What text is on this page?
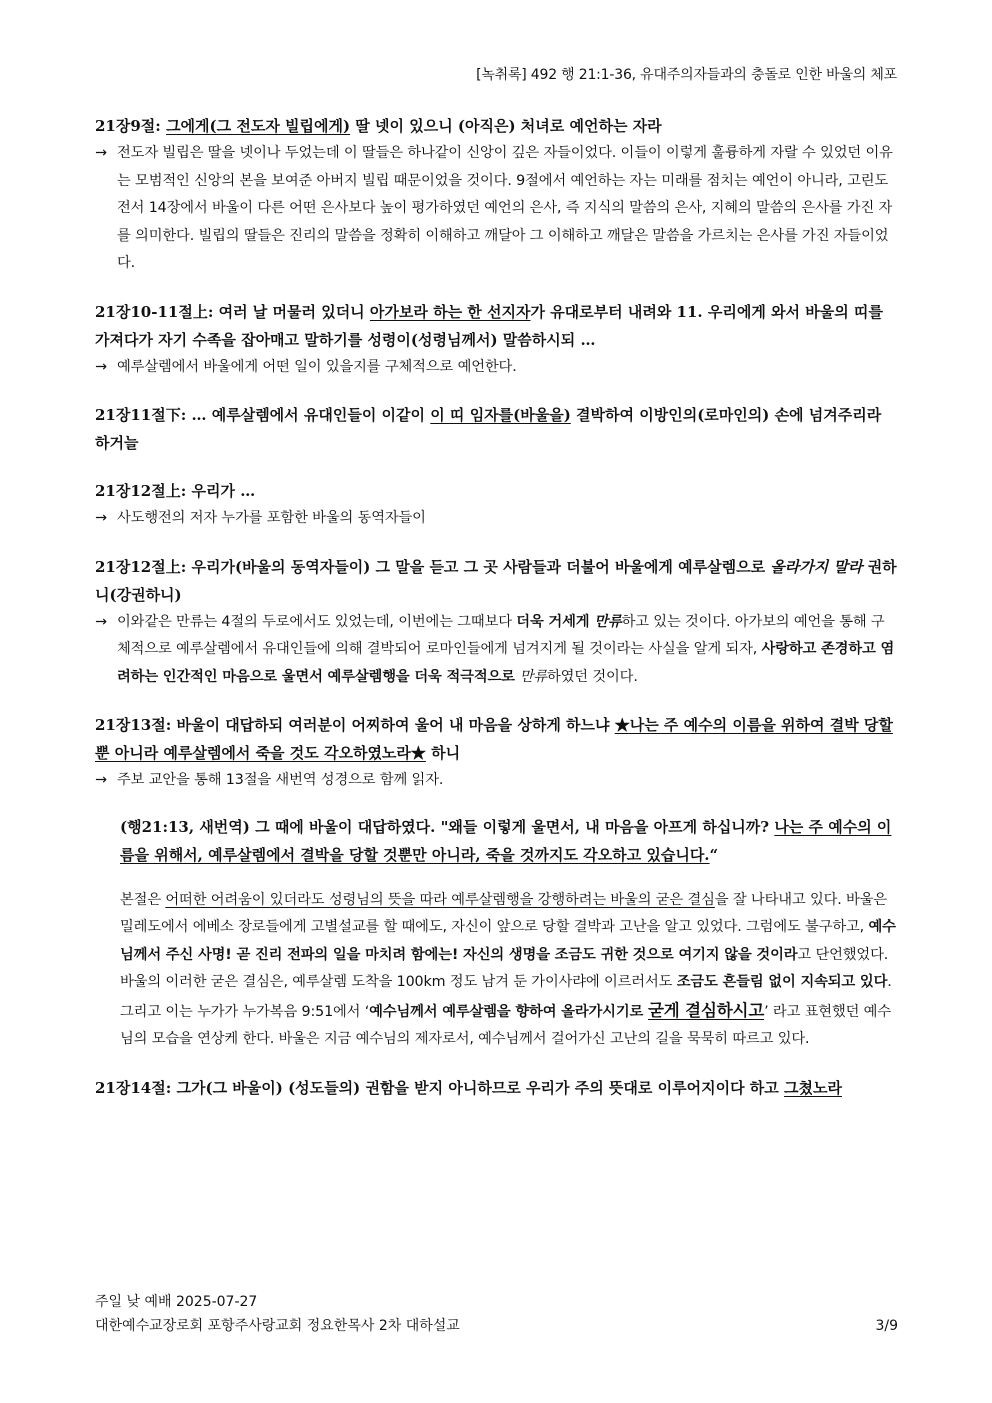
[녹취록] 492 행 21:1-36, 유대주의자들과의 충돌로 인한 바울의 체포
21장9절: 그에게(그 전도자 빌립에게) 딸 넷이 있으니 (아직은) 처녀로 예언하는 자라
→ 전도자 빌립은 딸을 넷이나 두었는데 이 딸들은 하나같이 신앙이 깊은 자들이었다. 이들이 이렇게 훌륭하게 자랄 수 있었던 이유는 모범적인 신앙의 본을 보여준 아버지 빌립 때문이었을 것이다. 9절에서 예언하는 자는 미래를 점치는 예언이 아니라, 고린도전서 14장에서 바울이 다른 어떤 은사보다 높이 평가하였던 예언의 은사, 즉 지식의 말씀의 은사, 지혜의 말씀의 은사를 가진 자를 의미한다. 빌립의 딸들은 진리의 말씀을 정확히 이해하고 깨달아 그 이해하고 깨달은 말씀을 가르치는 은사를 가진 자들이었다.
21장10-11절上: 여러 날 머물러 있더니 아가보라 하는 한 선지자가 유대로부터 내려와 11. 우리에게 와서 바울의 띠를 가져다가 자기 수족을 잡아매고 말하기를 성령이(성령님께서) 말씀하시되 …
→ 예루살렘에서 바울에게 어떤 일이 있을지를 구체적으로 예언한다.
21장11절下: … 예루살렘에서 유대인들이 이같이 이 띠 임자를(바울을) 결박하여 이방인의(로마인의) 손에 넘겨주리라 하거늘
21장12절上: 우리가 …
→ 사도행전의 저자 누가를 포함한 바울의 동역자들이
21장12절上: 우리가(바울의 동역자들이) 그 말을 듣고 그 곳 사람들과 더불어 바울에게 예루살렘으로 올라가지 말라 권하니(강권하니)
→ 이와같은 만류는 4절의 두로에서도 있었는데, 이번에는 그때보다 더욱 거세게 만류하고 있는 것이다. 아가보의 예언을 통해 구체적으로 예루살렘에서 유대인들에 의해 결박되어 로마인들에게 넘겨지게 될 것이라는 사실을 알게 되자, 사랑하고 존경하고 염려하는 인간적인 마음으로 울면서 예루살렘행을 더욱 적극적으로 만류하였던 것이다.
21장13절: 바울이 대답하되 여러분이 어찌하여 울어 내 마음을 상하게 하느냐 ★나는 주 예수의 이름을 위하여 결박 당할 뿐 아니라 예루살렘에서 죽을 것도 각오하였노라★ 하니
→ 주보 교안을 통해 13절을 새번역 성경으로 함께 읽자.
(행21:13, 새번역) 그 때에 바울이 대답하였다. "왜들 이렇게 울면서, 내 마음을 아프게 하십니까? 나는 주 예수의 이름을 위해서, 예루살렘에서 결박을 당할 것뿐만 아니라, 죽을 것까지도 각오하고 있습니다.“
본절은 어떠한 어려움이 있더라도 성령님의 뜻을 따라 예루살렘행을 강행하려는 바울의 굳은 결심을 잘 나타내고 있다. 바울은 밀레도에서 에베소 장로들에게 고별설교를 할 때에도, 자신이 앞으로 당할 결박과 고난을 알고 있었다. 그럼에도 불구하고, 예수님께서 주신 사명! 곧 진리 전파의 일을 마치려 함에는! 자신의 생명을 조금도 귀한 것으로 여기지 않을 것이라고 단언했었다. 바울의 이러한 굳은 결심은, 예루살렘 도착을 100km 정도 남겨 둔 가이사랴에 이르러서도 조금도 흔들림 없이 지속되고 있다. 그리고 이는 누가가 누가복음 9:51에서 ‘예수님께서 예루살렘을 향하여 올라가시기로 굳게 결심하시고’ 라고 표현했던 예수님의 모습을 연상케 한다. 바울은 지금 예수님의 제자로서, 예수님께서 걸어가신 고난의 길을 묵묵히 따르고 있다.
21장14절: 그가(그 바울이) (성도들의) 권함을 받지 아니하므로 우리가 주의 뜻대로 이루어지이다 하고 그쳤노라
주일 낮 예배 2025-07-27
대한예수교장로회 포항주사랑교회 정요한목사 2차 대하설교	3/9
